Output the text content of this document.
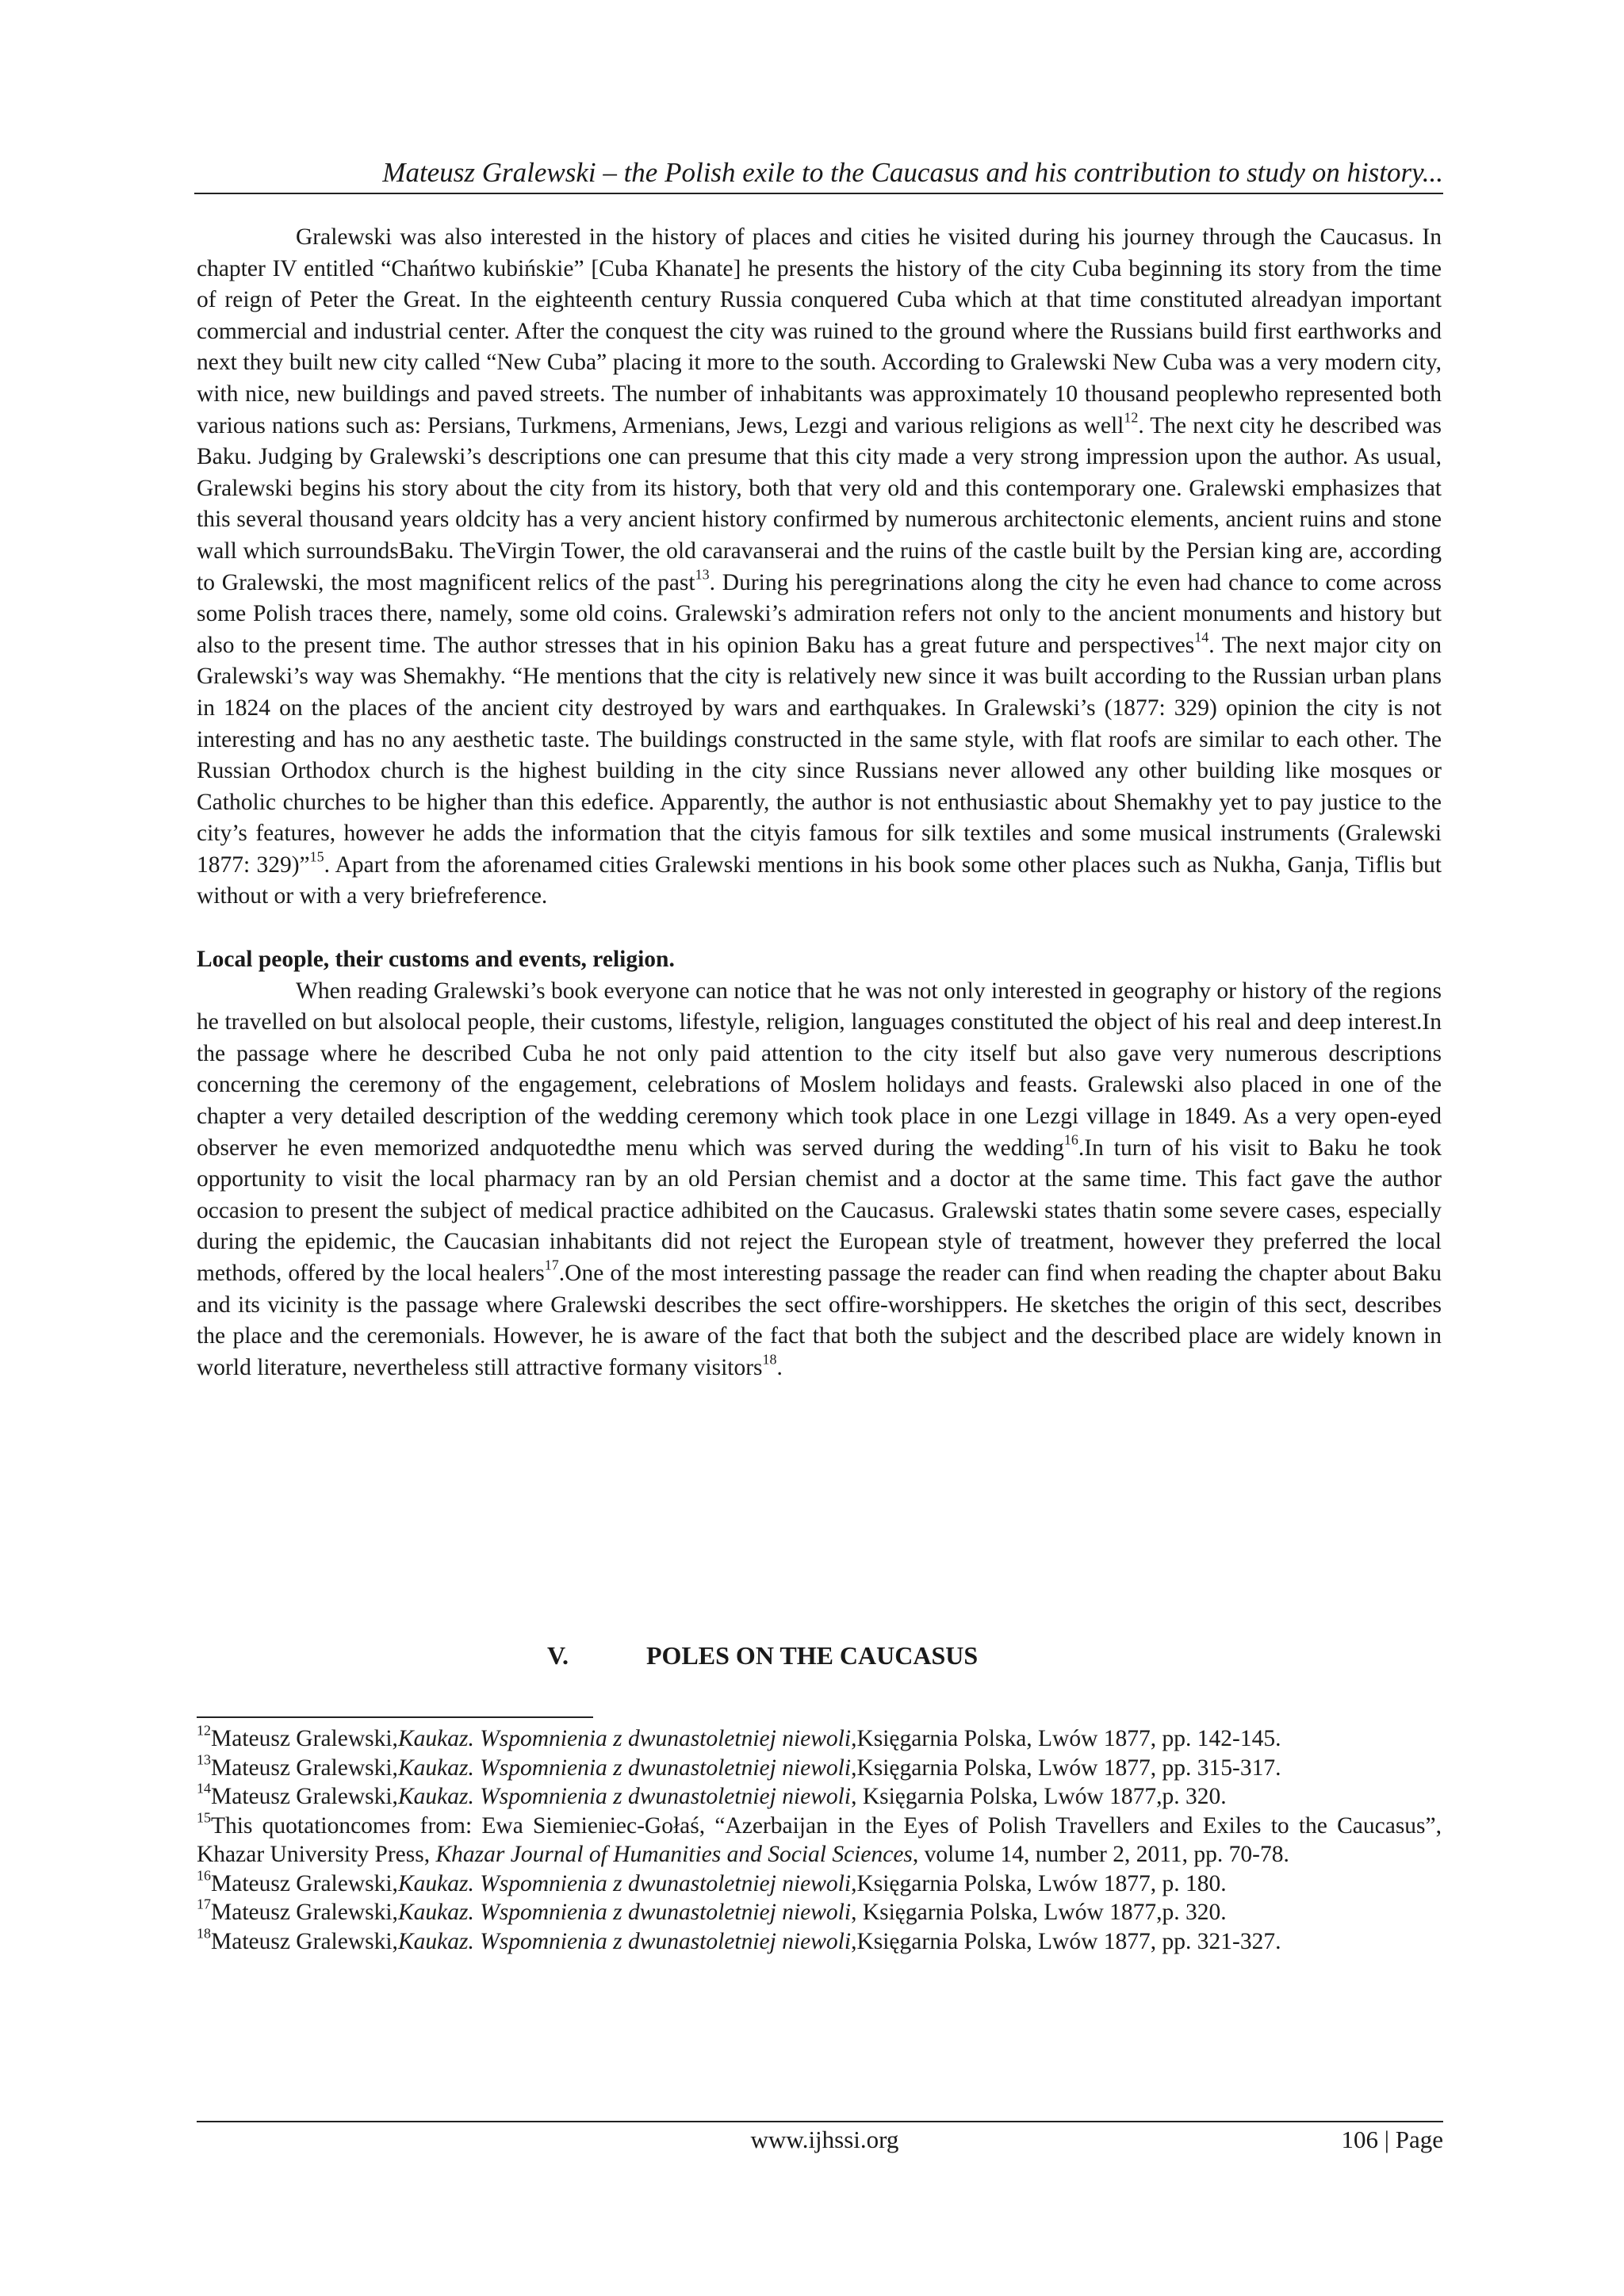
Mateusz Gralewski – the Polish exile to the Caucasus and his contribution to study on history...

Gralewski was also interested in the history of places and cities he visited during his journey through the Caucasus. In chapter IV entitled “Chańtwo kubińskie” [Cuba Khanate] he presents the history of the city Cuba beginning its story from the time of reign of Peter the Great. In the eighteenth century Russia conquered Cuba which at that time constituted alreadyan important commercial and industrial center. After the conquest the city was ruined to the ground where the Russians build first earthworks and next they built new city called “New Cuba” placing it more to the south. According to Gralewski New Cuba was a very modern city, with nice, new buildings and paved streets. The number of inhabitants was approximately 10 thousand peoplewho represented both various nations such as: Persians, Turkmens, Armenians, Jews, Lezgi and various religions as well$^{12}$. The next city he described was Baku. Judging by Gralewski’s descriptions one can presume that this city made a very strong impression upon the author. As usual, Gralewski begins his story about the city from its history, both that very old and this contemporary one. Gralewski emphasizes that this several thousand years oldcity has a very ancient history confirmed by numerous architectonic elements, ancient ruins and stone wall which surroundsBaku. TheVirgin Tower, the old caravanserai and the ruins of the castle built by the Persian king are, according to Gralewski, the most magnificent relics of the past$^{13}$. During his peregrinations along the city he even had chance to come across some Polish traces there, namely, some old coins. Gralewski’s admiration refers not only to the ancient monuments and history but also to the present time. The author stresses that in his opinion Baku has a great future and perspectives$^{14}$. The next major city on Gralewski’s way was Shemakhy. “He mentions that the city is relatively new since it was built according to the Russian urban plans in 1824 on the places of the ancient city destroyed by wars and earthquakes. In Gralewski’s (1877: 329) opinion the city is not interesting and has no any aesthetic taste. The buildings constructed in the same style, with flat roofs are similar to each other. The Russian Orthodox church is the highest building in the city since Russians never allowed any other building like mosques or Catholic churches to be higher than this edefice. Apparently, the author is not enthusiastic about Shemakhy yet to pay justice to the city’s features, however he adds the information that the cityis famous for silk textiles and some musical instruments (Gralewski 1877: 329)”$^{15}$. Apart from the aforenamed cities Gralewski mentions in his book some other places such as Nukha, Ganja, Tiflis but without or with a very briefreference.

Local people, their customs and events, religion.

When reading Gralewski’s book everyone can notice that he was not only interested in geography or history of the regions he travelled on but alsolocal people, their customs, lifestyle, religion, languages constituted the object of his real and deep interest.In the passage where he described Cuba he not only paid attention to the city itself but also gave very numerous descriptions concerning the ceremony of the engagement, celebrations of Moslem holidays and feasts. Gralewski also placed in one of the chapter a very detailed description of the wedding ceremony which took place in one Lezgi village in 1849. As a very open-eyed observer he even memorized andquotedthe menu which was served during the wedding$^{16}$.In turn of his visit to Baku he took opportunity to visit the local pharmacy ran by an old Persian chemist and a doctor at the same time. This fact gave the author occasion to present the subject of medical practice adhibited on the Caucasus. Gralewski states thatin some severe cases, especially during the epidemic, the Caucasian inhabitants did not reject the European style of treatment, however they preferred the local methods, offered by the local healers$^{17}$.One of the most interesting passage the reader can find when reading the chapter about Baku and its vicinity is the passage where Gralewski describes the sect offire-worshippers. He sketches the origin of this sect, describes the place and the ceremonials. However, he is aware of the fact that both the subject and the described place are widely known in world literature, nevertheless still attractive formany visitors$^{18}$.

V.	POLES ON THE CAUCASUS

$^{12}$Mateusz Gralewski,Kaukaz. Wspomnienia z dwunastoletniej niewoli,Księgarnia Polska, Lwów 1877, pp. 142-145.

$^{13}$Mateusz Gralewski,Kaukaz. Wspomnienia z dwunastoletniej niewoli,Księgarnia Polska, Lwów 1877, pp. 315-317.

$^{14}$Mateusz Gralewski,Kaukaz. Wspomnienia z dwunastoletniej niewoli, Księgarnia Polska, Lwów 1877,p. 320.

$^{15}$This quotationcomes from: Ewa Siemieniec-Gołaś, “Azerbaijan in the Eyes of Polish Travellers and Exiles to the Caucasus”, Khazar University Press, Khazar Journal of Humanities and Social Sciences, volume 14, number 2, 2011, pp. 70-78.

$^{16}$Mateusz Gralewski,Kaukaz. Wspomnienia z dwunastoletniej niewoli,Księgarnia Polska, Lwów 1877, p. 180.

$^{17}$Mateusz Gralewski,Kaukaz. Wspomnienia z dwunastoletniej niewoli, Księgarnia Polska, Lwów 1877,p. 320.

$^{18}$Mateusz Gralewski,Kaukaz. Wspomnienia z dwunastoletniej niewoli,Księgarnia Polska, Lwów 1877, pp. 321-327.

www.ijhssi.org	106 | Page
